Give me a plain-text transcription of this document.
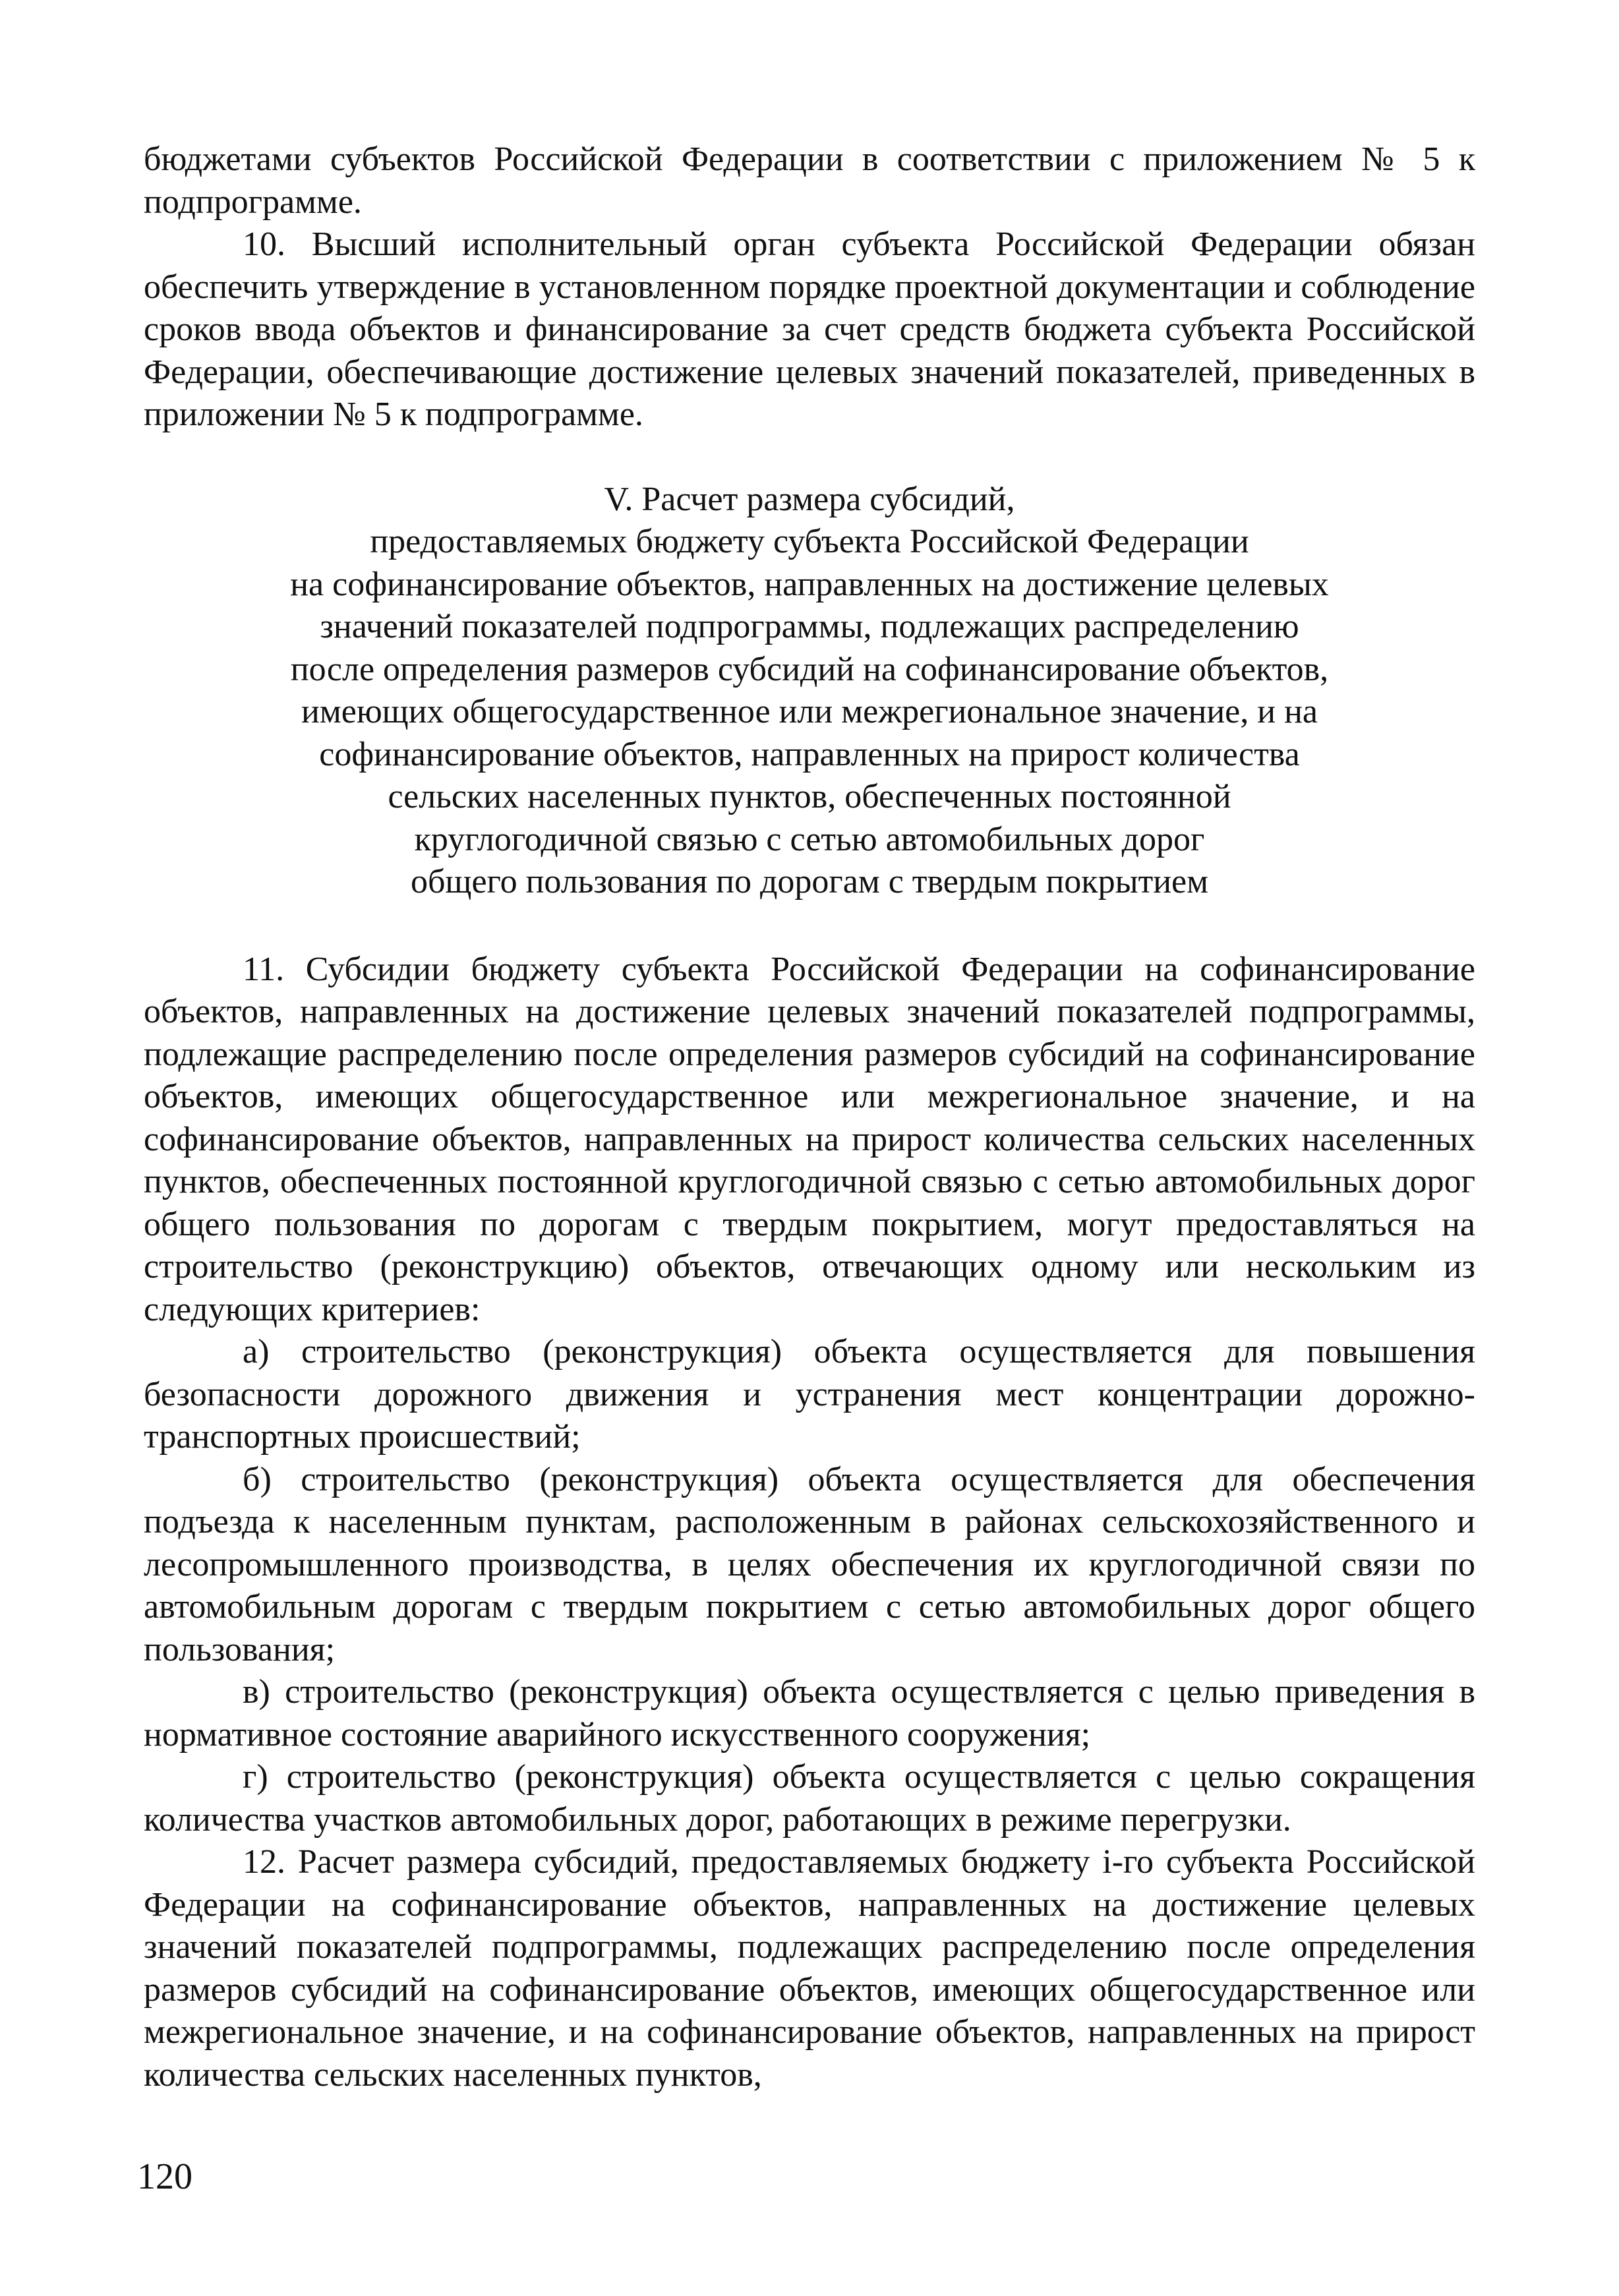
бюджетами субъектов Российской Федерации в соответствии с приложением № 5 к подпрограмме.

10. Высший исполнительный орган субъекта Российской Федерации обязан обеспечить утверждение в установленном порядке проектной документации и соблюдение сроков ввода объектов и финансирование за счет средств бюджета субъекта Российской Федерации, обеспечивающие достижение целевых значений показателей, приведенных в приложении № 5 к подпрограмме.

V. Расчет размера субсидий,
предоставляемых бюджету субъекта Российской Федерации
на софинансирование объектов, направленных на достижение целевых
значений показателей подпрограммы, подлежащих распределению
после определения размеров субсидий на софинансирование объектов,
имеющих общегосударственное или межрегиональное значение, и на
софинансирование объектов, направленных на прирост количества
сельских населенных пунктов, обеспеченных постоянной
круглогодичной связью с сетью автомобильных дорог
общего пользования по дорогам с твердым покрытием

11. Субсидии бюджету субъекта Российской Федерации на софинансирование объектов, направленных на достижение целевых значений показателей подпрограммы, подлежащие распределению после определения размеров субсидий на софинансирование объектов, имеющих общегосударственное или межрегиональное значение, и на софинансирование объектов, направленных на прирост количества сельских населенных пунктов, обеспеченных постоянной круглогодичной связью с сетью автомобильных дорог общего пользования по дорогам с твердым покрытием, могут предоставляться на строительство (реконструкцию) объектов, отвечающих одному или нескольким из следующих критериев:

а) строительство (реконструкция) объекта осуществляется для повышения безопасности дорожного движения и устранения мест концентрации дорожно-транспортных происшествий;

б) строительство (реконструкция) объекта осуществляется для обеспечения подъезда к населенным пунктам, расположенным в районах сельскохозяйственного и лесопромышленного производства, в целях обеспечения их круглогодичной связи по автомобильным дорогам с твердым покрытием с сетью автомобильных дорог общего пользования;

в) строительство (реконструкция) объекта осуществляется с целью приведения в нормативное состояние аварийного искусственного сооружения;

г) строительство (реконструкция) объекта осуществляется с целью сокращения количества участков автомобильных дорог, работающих в режиме перегрузки.

12. Расчет размера субсидий, предоставляемых бюджету i-го субъекта Российской Федерации на софинансирование объектов, направленных на достижение целевых значений показателей подпрограммы, подлежащих распределению после определения размеров субсидий на софинансирование объектов, имеющих общегосударственное или межрегиональное значение, и на софинансирование объектов, направленных на прирост количества сельских населенных пунктов,

120
